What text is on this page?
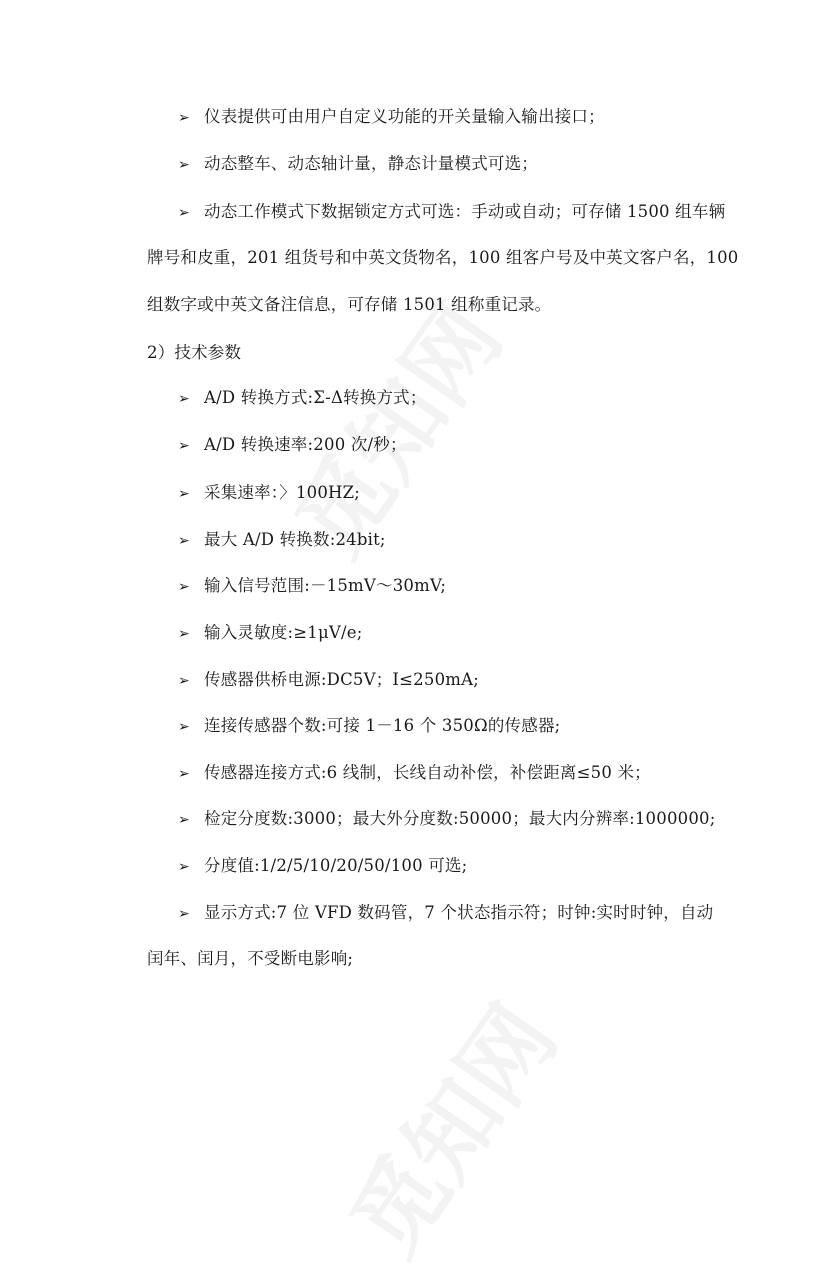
➢ 仪表提供可由用户自定义功能的开关量输入输出接口；
➢ 动态整车、动态轴计量，静态计量模式可选；
➢ 动态工作模式下数据锁定方式可选：手动或自动；可存储 1500 组车辆
牌号和皮重，201 组货号和中英文货物名，100 组客户号及中英文客户名，100
组数字或中英文备注信息，可存储 1501 组称重记录。
2）技术参数
➢ A/D 转换方式:Σ-Δ转换方式；
➢ A/D 转换速率:200 次/秒；
➢ 采集速率：〉100HZ;
➢ 最大 A/D 转换数:24bit;
➢ 输入信号范围:－15mV～30mV;
➢ 输入灵敏度:≥1μV/e;
➢ 传感器供桥电源:DC5V；I≤250mA;
➢ 连接传感器个数:可接 1－16 个 350Ω的传感器;
➢ 传感器连接方式:6 线制，长线自动补偿，补偿距离≤50 米；
➢ 检定分度数:3000；最大外分度数:50000；最大内分辨率:1000000;
➢ 分度值:1/2/5/10/20/50/100 可选;
➢ 显示方式:7 位 VFD 数码管，7 个状态指示符；时钟:实时时钟，自动
闰年、闰月，不受断电影响;
